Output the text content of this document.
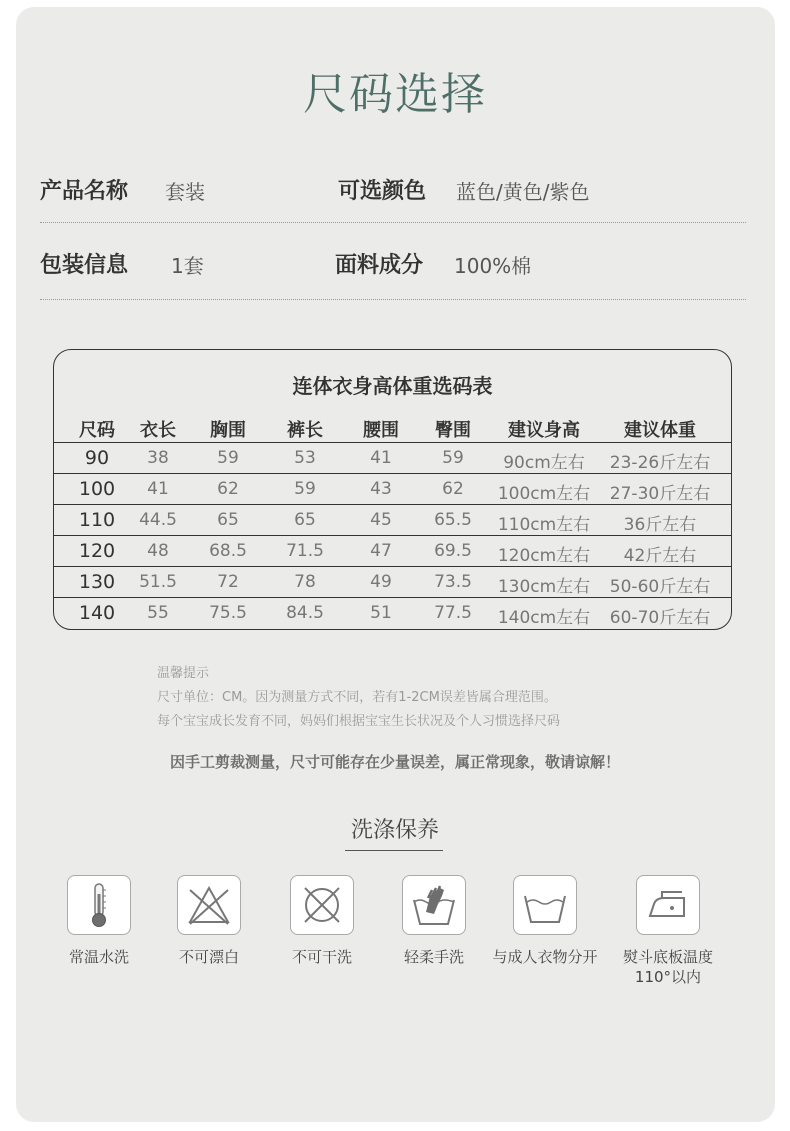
尺码选择
产品名称 套装	可选颜色 蓝色/黄色/紫色
包装信息 1套	面料成分 100%棉
连体衣身高体重选码表
尺码	衣长	胸围	裤长	腰围	臀围	建议身高	建议体重
90	38	59	53	41	59	90cm左右	23-26斤左右
100	41	62	59	43	62	100cm左右	27-30斤左右
110	44.5	65	65	45	65.5	110cm左右	36斤左右
120	48	68.5	71.5	47	69.5	120cm左右	42斤左右
130	51.5	72	78	49	73.5	130cm左右	50-60斤左右
140	55	75.5	84.5	51	77.5	140cm左右	60-70斤左右
温馨提示
尺寸单位：CM。因为测量方式不同，若有1-2CM误差皆属合理范围。
每个宝宝成长发育不同，妈妈们根据宝宝生长状况及个人习惯选择尺码
因手工剪裁测量，尺寸可能存在少量误差，属正常现象，敬请谅解！
洗涤保养
常温水洗	不可漂白	不可干洗	轻柔手洗	与成人衣物分开	熨斗底板温度
110°以内
